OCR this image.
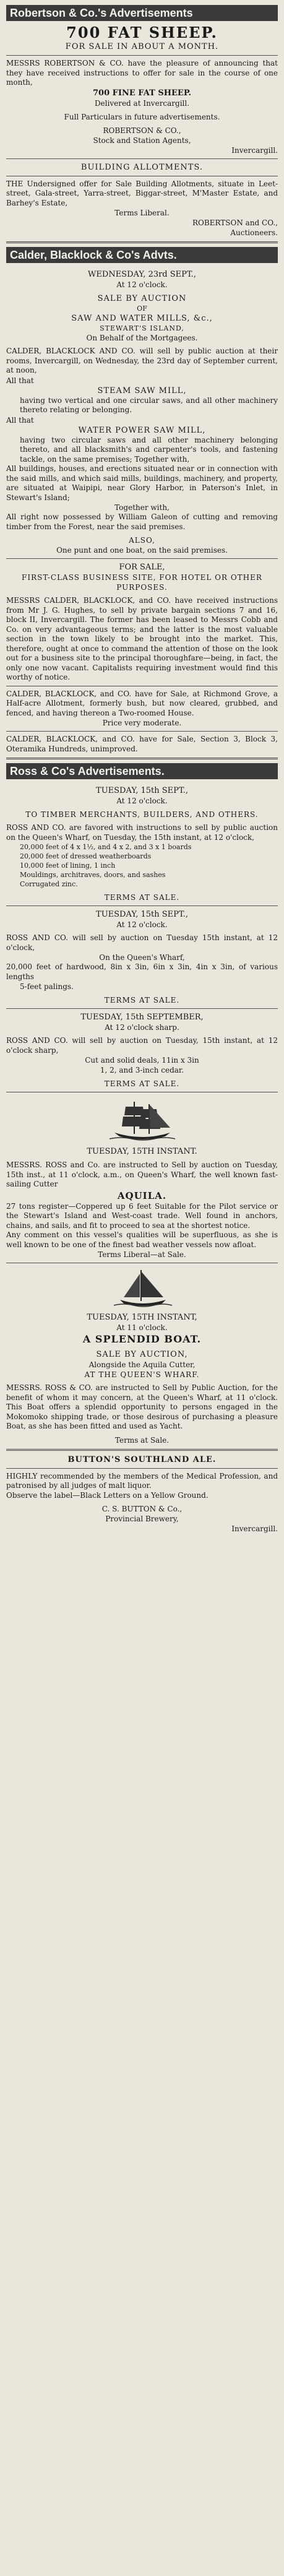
Robertson & Co.'s Advertisements

700 FAT SHEEP.

FOR SALE IN ABOUT A MONTH.

MESSRS ROBERTSON & CO. have the pleasure of announcing that they have received instructions to offer for sale in the course of one month,

700 FINE FAT SHEEP.

Delivered at Invercargill.

Full Particulars in future advertisements.

ROBERTSON & CO.,

Stock and Station Agents,

Invercargill.

BUILDING ALLOTMENTS.

THE Undersigned offer for Sale Building Allotments, situate in Leet-street, Gala-street, Yarra-street, Biggar-street, M'Master Estate, and Barhey's Estate,

Terms Liberal.

ROBERTSON and CO.,

Auctioneers.

Calder, Blacklock & Co's Advts.

WEDNESDAY, 23rd SEPT.,

At 12 o'clock.

SALE BY AUCTION

OF

SAW AND WATER MILLS, &c.,

STEWART'S ISLAND,

On Behalf of the Mortgagees.

CALDER, BLACKLOCK AND CO. will sell by public auction at their rooms, Invercargill, on Wednesday, the 23rd day of September current, at noon,

All that

STEAM SAW MILL,

having two vertical and one circular saws, and all other machinery thereto relating or belonging.

All that

WATER POWER SAW MILL,

having two circular saws and all other machinery belonging thereto, and all blacksmith's and carpenter's tools, and fastening tackle, on the same premises; Together with,

All buildings, houses, and erections situated near or in connection with the said mills, and which said mills, buildings, machinery, and property, are situated at Waipipi, near Glory Harbor, in Paterson's Inlet, in Stewart's Island;

Together with,

All right now possessed by William Galeon of cutting and removing timber from the Forest, near the said premises.

ALSO,

One punt and one boat, on the said premises.

FOR SALE,

FIRST-CLASS BUSINESS SITE, FOR HOTEL OR OTHER PURPOSES.

MESSRS CALDER, BLACKLOCK, and CO. have received instructions from Mr J. G. Hughes, to sell by private bargain sections 7 and 16, block II, Invercargill. The former has been leased to Messrs Cobb and Co. on very advantageous terms; and the latter is the most valuable section in the town likely to be brought into the market. This, therefore, ought at once to command the attention of those on the look out for a business site to the principal thoroughfare—being, in fact, the only one now vacant. Capitalists requiring investment would find this worthy of notice.

CALDER, BLACKLOCK, and CO. have for Sale, at Richmond Grove, a Half-acre Allotment, formerly bush, but now cleared, grubbed, and fenced, and having thereon a Two-roomed House.

Price very moderate.

CALDER, BLACKLOCK, and CO. have for Sale, Section 3, Block 3, Oteramika Hundreds, unimproved.

Ross & Co's Advertisements.

TUESDAY, 15th SEPT.,

At 12 o'clock.

TO TIMBER MERCHANTS, BUILDERS, AND OTHERS.

ROSS AND CO. are favored with instructions to sell by public auction on the Queen's Wharf, on Tuesday, the 15th instant, at 12 o'clock,

20,000 feet of 4 x 1½, and 4 x 2, and 3 x 1 boards

20,000 feet of dressed weatherboards

10,000 feet of lining, 1 inch

Mouldings, architraves, doors, and sashes

Corrugated zinc.

TERMS AT SALE.

TUESDAY, 15th SEPT.,

At 12 o'clock.

ROSS AND CO. will sell by auction on Tuesday 15th instant, at 12 o'clock,

On the Queen's Wharf,

20,000 feet of hardwood, 8in x 3in, 6in x 3in, 4in x 3in, of various lengths

5-feet palings.

TERMS AT SALE.

TUESDAY, 15th SEPTEMBER,

At 12 o'clock sharp.

ROSS AND CO. will sell by auction on Tuesday, 15th instant, at 12 o'clock sharp,

Cut and solid deals, 11in x 3in

1, 2, and 3-inch cedar.

TERMS AT SALE.

TUESDAY, 15TH INSTANT.

MESSRS. ROSS and Co. are instructed to Sell by auction on Tuesday, 15th inst., at 11 o'clock, a.m., on Queen's Wharf, the well known fast-sailing Cutter

AQUILA.

27 tons register—Coppered up 6 feet Suitable for the Pilot service or the Stewart's Island and West-coast trade. Well found in anchors, chains, and sails, and fit to proceed to sea at the shortest notice.

Any comment on this vessel's qualities will be superfluous, as she is well known to be one of the finest bad weather vessels now afloat.

Terms Liberal—at Sale.

TUESDAY, 15TH INSTANT,

At 11 o'clock.

A SPLENDID BOAT.

SALE BY AUCTION,

Alongside the Aquila Cutter,

AT THE QUEEN'S WHARF.

MESSRS. ROSS & CO. are instructed to Sell by Public Auction, for the benefit of whom it may concern, at the Queen's Wharf, at 11 o'clock. This Boat offers a splendid opportunity to persons engaged in the Mokomoko shipping trade, or those desirous of purchasing a pleasure Boat, as she has been fitted and used as Yacht.

Terms at Sale.

BUTTON'S SOUTHLAND ALE.

HIGHLY recommended by the members of the Medical Profession, and patronised by all judges of malt liquor.

Observe the label—Black Letters on a Yellow Ground.

C. S. BUTTON & Co.,

Provincial Brewery,

Invercargill.
